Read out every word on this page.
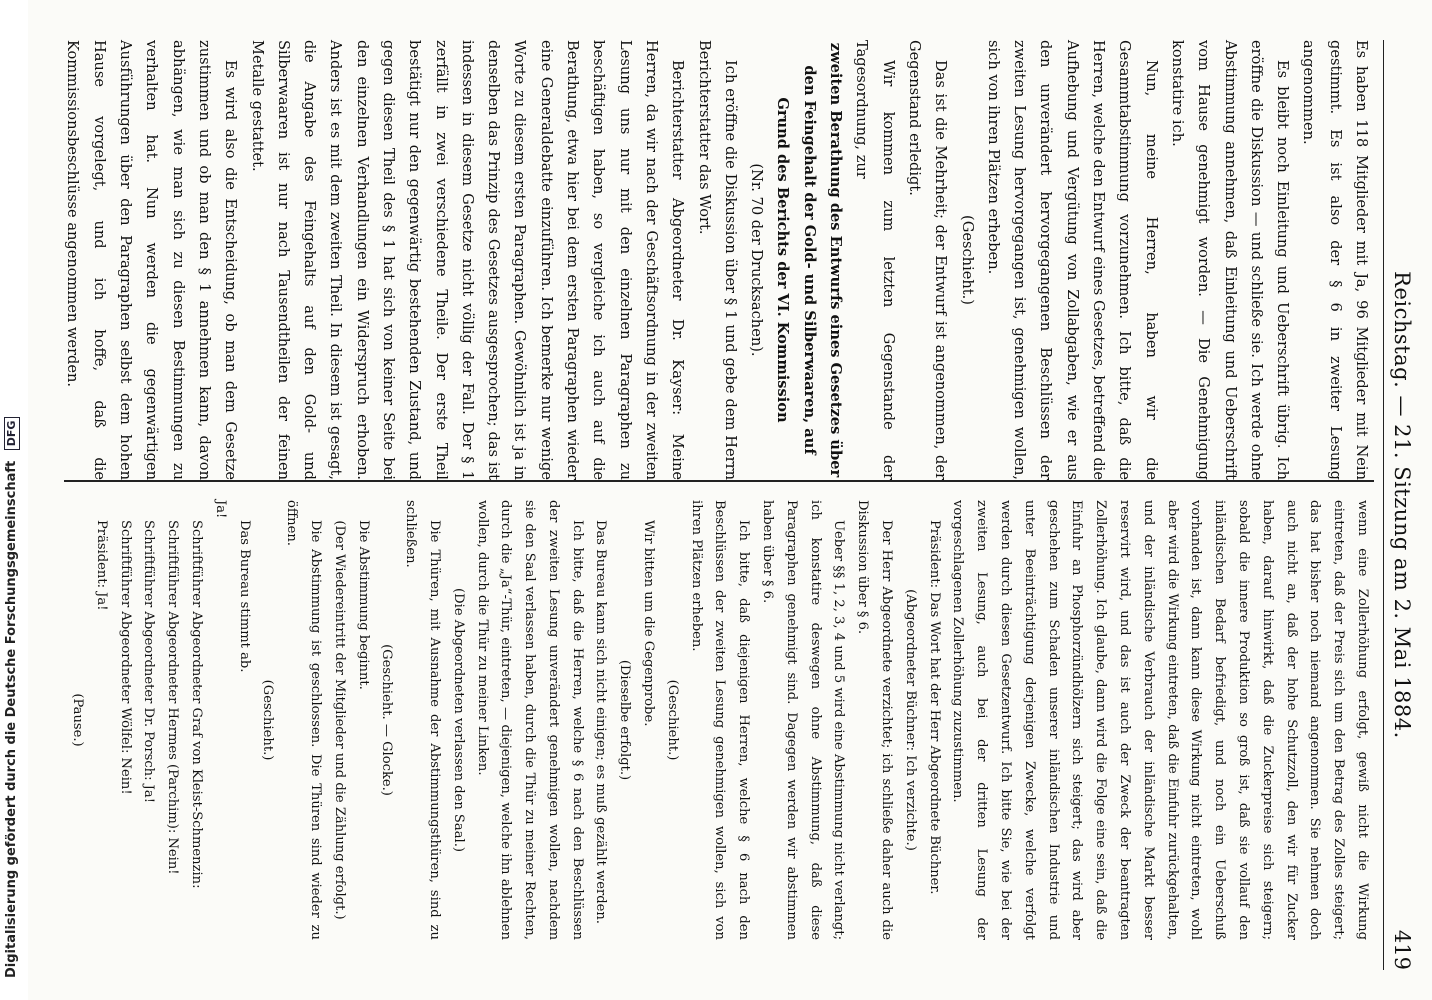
Digitalisierung gefördert durch die Deutsche Forschungsgemeinschaft DFG	Reichstag. — 21. Sitzung am 2. Mai 1884.
419

Es haben 118 Mitglieder mit Ja, 96 Mitglieder mit Nein gestimmt. Es ist also der § 6 in zweiter Lesung angenommen.

Es bleibt noch Einleitung und Ueberschrift übrig. Ich eröffne die Diskussion — und schließe sie. Ich werde ohne Abstimmung annehmen, daß Einleitung und Ueberschrift vom Hause genehmigt worden. — Die Genehmigung konstatire ich.

Nun, meine Herren, haben wir die Gesammtabstimmung vorzunehmen. Ich bitte, daß die Herren, welche den Entwurf eines Gesetzes, betreffend die Aufhebung und Vergütung von Zollabgaben, wie er aus den unverändert hervorgegangenen Beschlüssen der zweiten Lesung hervorgegangen ist, genehmigen wollen, sich von ihren Plätzen erheben.

(Geschieht.)

Das ist die Mehrheit; der Entwurf ist angenommen, der Gegenstand erledigt.

Wir kommen zum letzten Gegenstande der Tagesordnung, zur

zweiten Berathung des Entwurfs eines Gesetzes über den Feingehalt der Gold- und Silberwaaren, auf Grund des Berichts der VI. Kommission

(Nr. 70 der Drucksachen).

Ich eröffne die Diskussion über § 1 und gebe dem Herrn Berichterstatter das Wort.

Berichterstatter Abgeordneter Dr. Kayser: Meine Herren, da wir nach der Geschäftsordnung in der zweiten Lesung uns nur mit den einzelnen Paragraphen zu beschäftigen haben, so vergleiche ich auch auf die Berathung, etwa hier bei dem ersten Paragraphen wieder eine Generaldebatte einzuführen. Ich bemerke nur wenige Worte zu diesem ersten Paragraphen. Gewöhnlich ist ja in denselben das Prinzip des Gesetzes ausgesprochen; das ist indessen in diesem Gesetze nicht völlig der Fall. Der § 1 zerfällt in zwei verschiedene Theile. Der erste Theil bestätigt nur den gegenwärtig bestehenden Zustand, und gegen diesen Theil des § 1 hat sich von keiner Seite bei den einzelnen Verhandlungen ein Widerspruch erhoben. Anders ist es mit dem zweiten Theil. In diesem ist gesagt, die Angabe des Feingehalts auf den Gold- und Silberwaaren ist nur nach Tausendtheilen der feinen Metalle gestattet.

Es wird also die Entscheidung, ob man dem Gesetze zustimmen und ob man den § 1 annehmen kann, davon abhängen, wie man sich zu diesen Bestimmungen zu verhalten hat. Nun werden die gegenwärtigen Ausführungen über den Paragraphen selbst dem hohen Hause vorgelegt, und ich hoffe, daß die Kommissionsbeschlüsse angenommen werden.

wenn eine Zollerhöhung erfolgt, gewiß nicht die Wirkung eintreten, daß der Preis sich um den Betrag des Zolles steigert; das hat bisher noch niemand angenommen. Sie nehmen doch auch nicht an, daß der hohe Schutzzoll, den wir für Zucker haben, darauf hinwirkt, daß die Zuckerpreise sich steigern; sobald die innere Produktion so groß ist, daß sie vollauf den inländischen Bedarf befriedigt, und noch ein Ueberschuß vorhanden ist, dann kann diese Wirkung nicht eintreten, wohl aber wird die Wirkung eintreten, daß die Einfuhr zurückgehalten, und der inländische Verbrauch der inländische Markt besser reservirt wird, und das ist auch der Zweck der beantragten Zollerhöhung. Ich glaube, dann wird die Folge eine sein, daß die Einfuhr an Phosphorzündhölzern sich steigert; das wird aber geschehen zum Schaden unserer inländischen Industrie und unter Beeinträchtigung derjenigen Zwecke, welche verfolgt werden durch diesen Gesetzentwurf. Ich bitte Sie, wie bei der zweiten Lesung, auch bei der dritten Lesung der vorgeschlagenen Zollerhöhung zuzustimmen.

Präsident: Das Wort hat der Herr Abgeordnete Büchner.

(Abgeordneter Büchner: Ich verzichte.)

Der Herr Abgeordnete verzichtet; ich schließe daher auch die Diskussion über § 6.

Ueber §§ 1, 2, 3, 4 und 5 wird eine Abstimmung nicht verlangt; ich konstatire deswegen ohne Abstimmung, daß diese Paragraphen genehmigt sind. Dagegen werden wir abstimmen haben über § 6.

Ich bitte, daß diejenigen Herren, welche § 6 nach den Beschlüssen der zweiten Lesung genehmigen wollen, sich von ihren Plätzen erheben.

(Geschieht.)

Wir bitten um die Gegenprobe.

(Dieselbe erfolgt.)

Das Bureau kann sich nicht einigen; es muß gezählt werden.

Ich bitte, daß die Herren, welche § 6 nach den Beschlüssen der zweiten Lesung unverändert genehmigen wollen, nachdem sie den Saal verlassen haben, durch die Thür zu meiner Rechten, durch die „Ja“-Thür, eintreten, — diejenigen, welche ihn ablehnen wollen, durch die Thür zu meiner Linken.

(Die Abgeordneten verlassen den Saal.)

Die Thüren, mit Ausnahme der Abstimmungsthüren, sind zu schließen.

(Geschieht. — Glocke.)

Die Abstimmung beginnt.

(Der Wiedereintritt der Mitglieder und die Zählung erfolgt.)

Die Abstimmung ist geschlossen. Die Thüren sind wieder zu öffnen.

(Geschieht.)

Das Bureau stimmt ab.

Ja!

Schriftführer Abgeordneter Graf von Kleist-Schmenzin:

Schriftführer Abgeordneter Hermes (Parchim): Nein!

Schriftführer Abgeordneter Dr. Porsch: Ja!

Schriftführer Abgeordneter Wölfel: Nein!

Präsident: Ja!

(Pause.)
